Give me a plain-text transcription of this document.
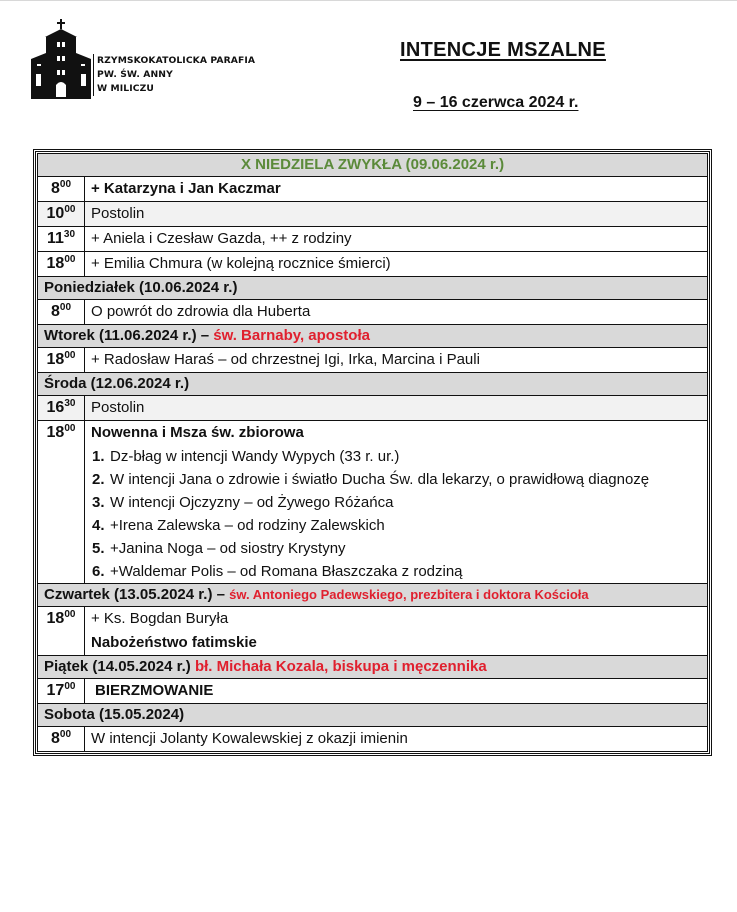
RZYMSKOKATOLICKA PARAFIA
PW. ŚW. ANNY
W MILICZU
INTENCJE MSZALNE
9 – 16 czerwca 2024 r.
X NIEDZIELA ZWYKŁA (09.06.2024 r.)	
$8^{00}$	+ Katarzyna i Jan Kaczmar
$10^{00}$	Postolin
$11^{30}$	+ Aniela i Czesław Gazda, ++ z rodziny
$18^{00}$	+ Emilia Chmura (w kolejną rocznice śmierci)
Poniedziałek (10.06.2024 r.)	
$8^{00}$	O powrót do zdrowia dla Huberta
Wtorek (11.06.2024 r.) – św. Barnaby, apostoła	
$18^{00}$	+ Radosław Haraś – od chrzestnej Igi, Irka, Marcina i Pauli
Środa (12.06.2024 r.)	
$16^{30}$	Postolin
$18^{00}$	Nowenna i Msza św. zbiorowa
1. Dz-błag w intencji Wandy Wypych (33 r. ur.)
2. W intencji Jana o zdrowie i światło Ducha Św. dla lekarzy, o prawidłową diagnozę
3. W intencji Ojczyzny – od Żywego Różańca
4. +Irena Zalewska – od rodziny Zalewskich
5. +Janina Noga – od siostry Krystyny
6. +Waldemar Polis – od Romana Błaszczaka z rodziną

Czwartek (13.05.2024 r.) – św. Antoniego Padewskiego, prezbitera i doktora Kościoła	
$18^{00}$	+ Ks. Bogdan Buryła
Nabożeństwo fatimskie

Piątek (14.05.2024 r.) bł. Michała Kozala, biskupa i męczennika	
$17^{00}$	BIERZMOWANIE
Sobota (15.05.2024)	
$8^{00}$	W intencji Jolanty Kowalewskiej z okazji imienin
